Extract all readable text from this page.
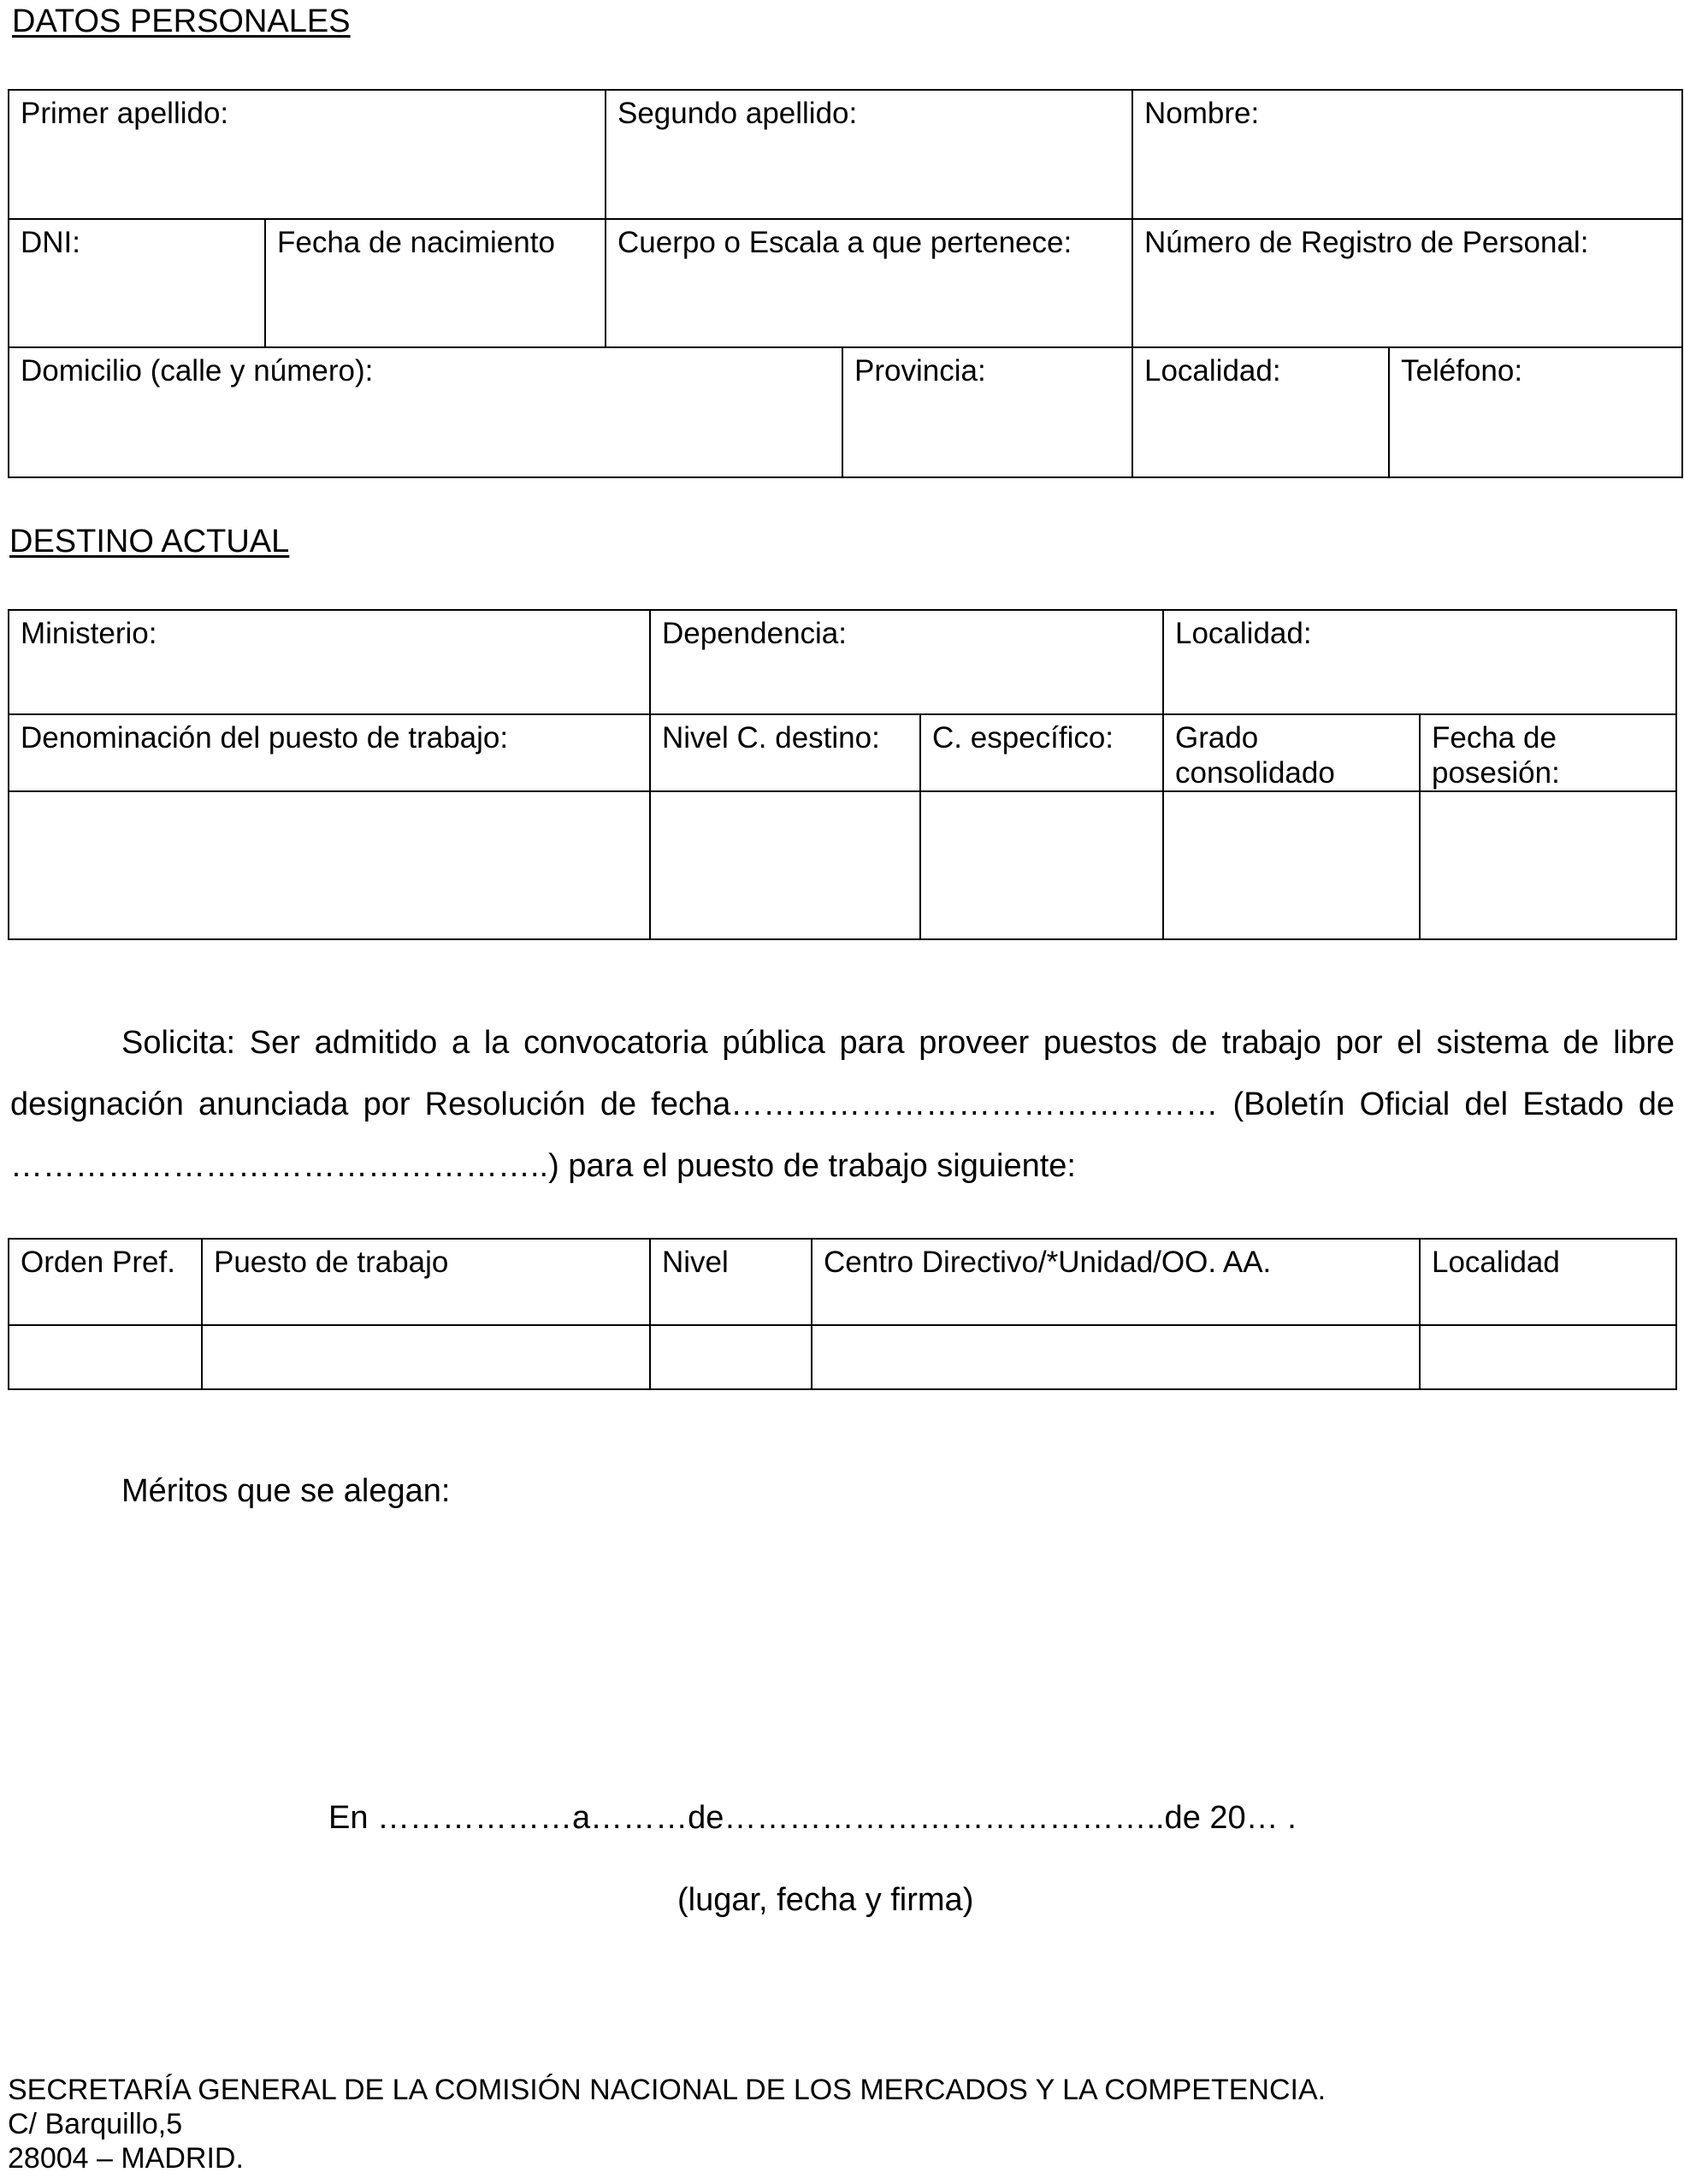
DATOS PERSONALES
Primer apellido:		Segundo apellido:		Nombre:	

DNI:	Fecha de nacimiento	Cuerpo o Escala a que pertenece:		Número de Registro de Personal:	

Domicilio (calle y número):			Provincia:	Localidad:	Teléfono:
DESTINO ACTUAL
Ministerio:	Dependencia:		Localidad:	

Denominación del puesto de trabajo:	Nivel C. destino:	C. específico:	Grado consolidado	Fecha de posesión:

Solicita: Ser admitido a la convocatoria pública para proveer puestos de trabajo por el sistema de libre designación anunciada por Resolución de fecha……………………………………… (Boletín Oficial del Estado de …………………………………………..) para el puesto de trabajo siguiente:
Orden Pref.	Puesto de trabajo	Nivel	Centro Directivo/*Unidad/OO. AA.	Localidad

Méritos que se alegan:
En ………………a………de…………………………………..de 20… .
(lugar, fecha y firma)
SECRETARÍA GENERAL DE LA COMISIÓN NACIONAL DE LOS MERCADOS Y LA COMPETENCIA.
C/ Barquillo,5
28004 – MADRID.
